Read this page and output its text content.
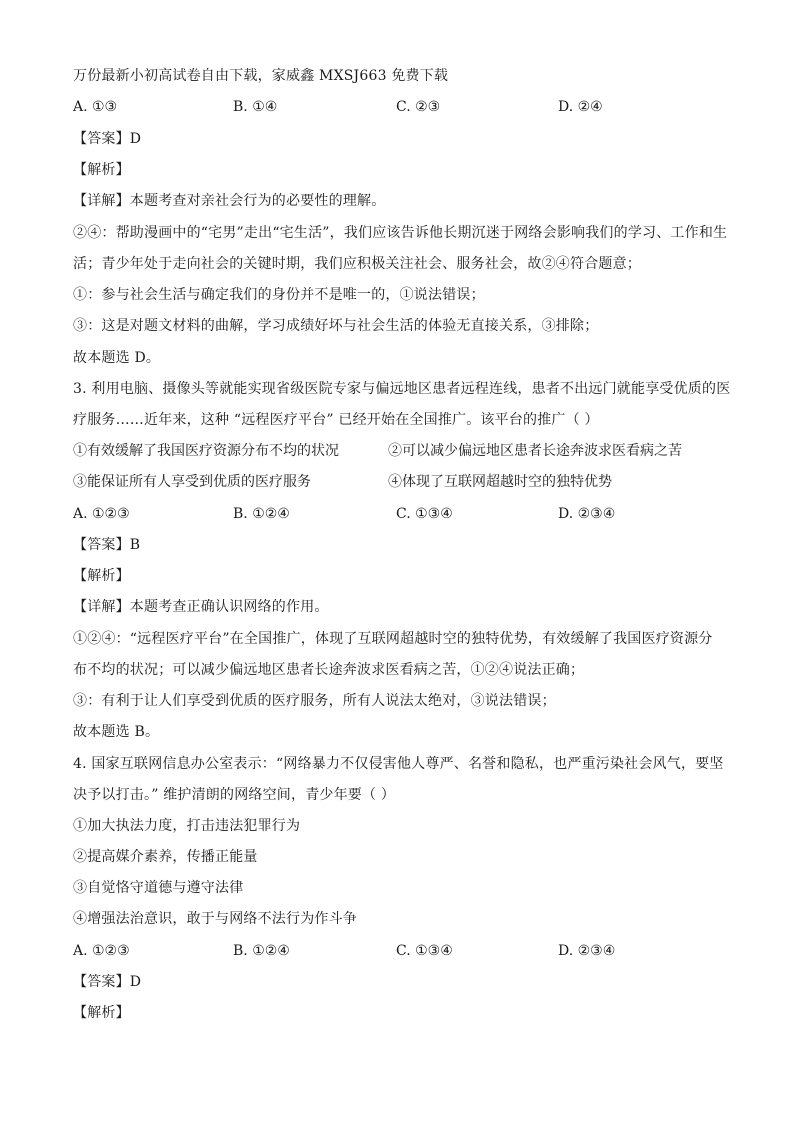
万份最新小初高试卷自由下载，家威鑫 MXSJ663 免费下载
A. ①③	B. ①④	C. ②③	D. ②④
【答案】D
【解析】
【详解】本题考查对亲社会行为的必要性的理解。
②④：帮助漫画中的“宅男”走出“宅生活”，我们应该告诉他长期沉迷于网络会影响我们的学习、工作和生
活；青少年处于走向社会的关键时期，我们应积极关注社会、服务社会，故②④符合题意；
①：参与社会生活与确定我们的身份并不是唯一的，①说法错误；
③：这是对题文材料的曲解，学习成绩好坏与社会生活的体验无直接关系，③排除；
故本题选 D。
3. 利用电脑、摄像头等就能实现省级医院专家与偏远地区患者远程连线，患者不出远门就能享受优质的医
疗服务……近年来，这种 “远程医疗平台” 已经开始在全国推广。该平台的推广（ ）
①有效缓解了我国医疗资源分布不均的状况	②可以减少偏远地区患者长途奔波求医看病之苦
③能保证所有人享受到优质的医疗服务	④体现了互联网超越时空的独特优势
A. ①②③	B. ①②④	C. ①③④	D. ②③④
【答案】B
【解析】
【详解】本题考查正确认识网络的作用。
①②④：“远程医疗平台”在全国推广，体现了互联网超越时空的独特优势，有效缓解了我国医疗资源分
布不均的状况；可以减少偏远地区患者长途奔波求医看病之苦，①②④说法正确；
③：有利于让人们享受到优质的医疗服务，所有人说法太绝对，③说法错误；
故本题选 B。
4. 国家互联网信息办公室表示：“网络暴力不仅侵害他人尊严、名誉和隐私，也严重污染社会风气，要坚
决予以打击。” 维护清朗的网络空间，青少年要（ ）
①加大执法力度，打击违法犯罪行为
②提高媒介素养，传播正能量
③自觉恪守道德与遵守法律
④增强法治意识，敢于与网络不法行为作斗争
A. ①②③	B. ①②④	C. ①③④	D. ②③④
【答案】D
【解析】
